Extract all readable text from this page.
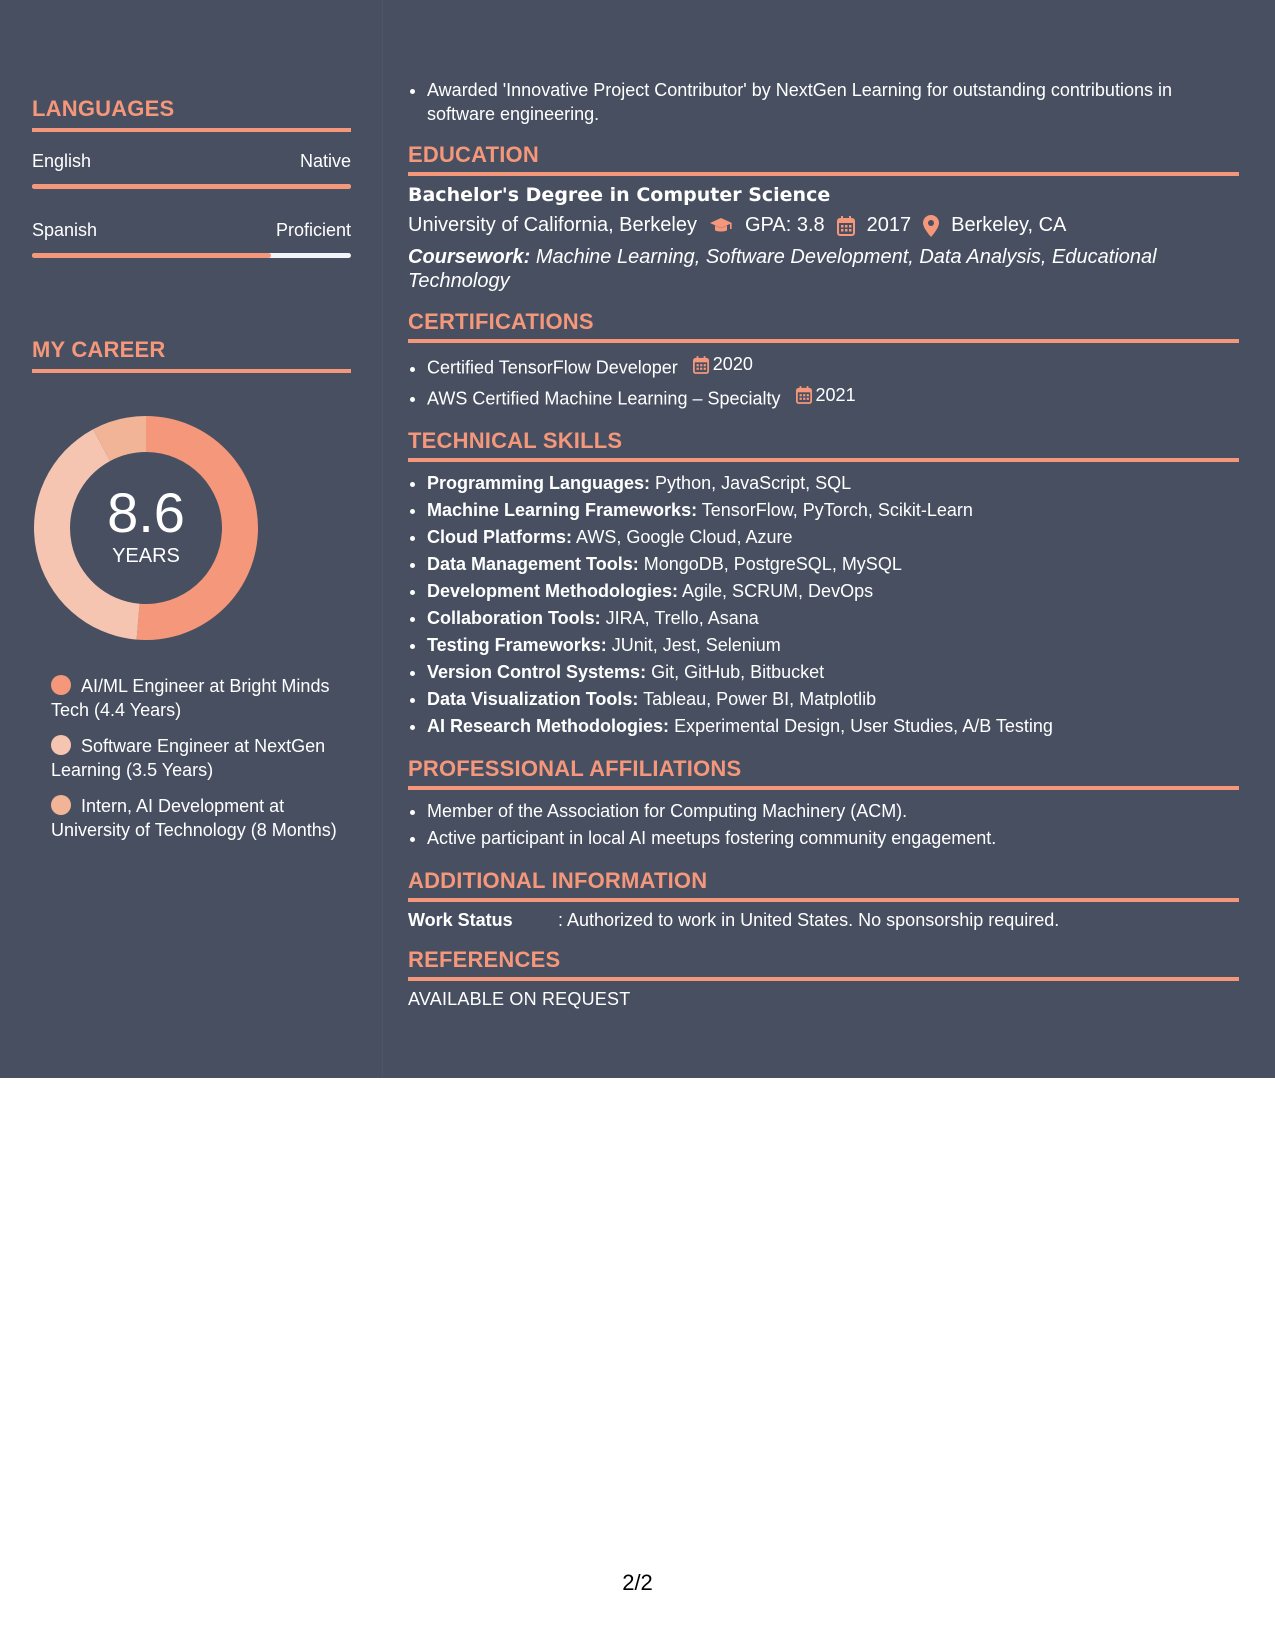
LANGUAGES
English	Native
Spanish	Proficient
MY CAREER
8.6
YEARS
AI/ML Engineer at Bright Minds Tech (4.4 Years)
Software Engineer at NextGen Learning (3.5 Years)
Intern, AI Development at University of Technology (8 Months)
• Awarded 'Innovative Project Contributor' by NextGen Learning for outstanding contributions in software engineering.
EDUCATION
Bachelor's Degree in Computer Science
University of California, Berkeley GPA: 3.8 2017 Berkeley, CA
Coursework: Machine Learning, Software Development, Data Analysis, Educational Technology
CERTIFICATIONS
• Certified TensorFlow Developer 2020
• AWS Certified Machine Learning – Specialty 2021
TECHNICAL SKILLS
• Programming Languages: Python, JavaScript, SQL
• Machine Learning Frameworks: TensorFlow, PyTorch, Scikit-Learn
• Cloud Platforms: AWS, Google Cloud, Azure
• Data Management Tools: MongoDB, PostgreSQL, MySQL
• Development Methodologies: Agile, SCRUM, DevOps
• Collaboration Tools: JIRA, Trello, Asana
• Testing Frameworks: JUnit, Jest, Selenium
• Version Control Systems: Git, GitHub, Bitbucket
• Data Visualization Tools: Tableau, Power BI, Matplotlib
• AI Research Methodologies: Experimental Design, User Studies, A/B Testing
PROFESSIONAL AFFILIATIONS
• Member of the Association for Computing Machinery (ACM).
• Active participant in local AI meetups fostering community engagement.
ADDITIONAL INFORMATION
Work Status	: Authorized to work in United States. No sponsorship required.
REFERENCES
AVAILABLE ON REQUEST
2/2
